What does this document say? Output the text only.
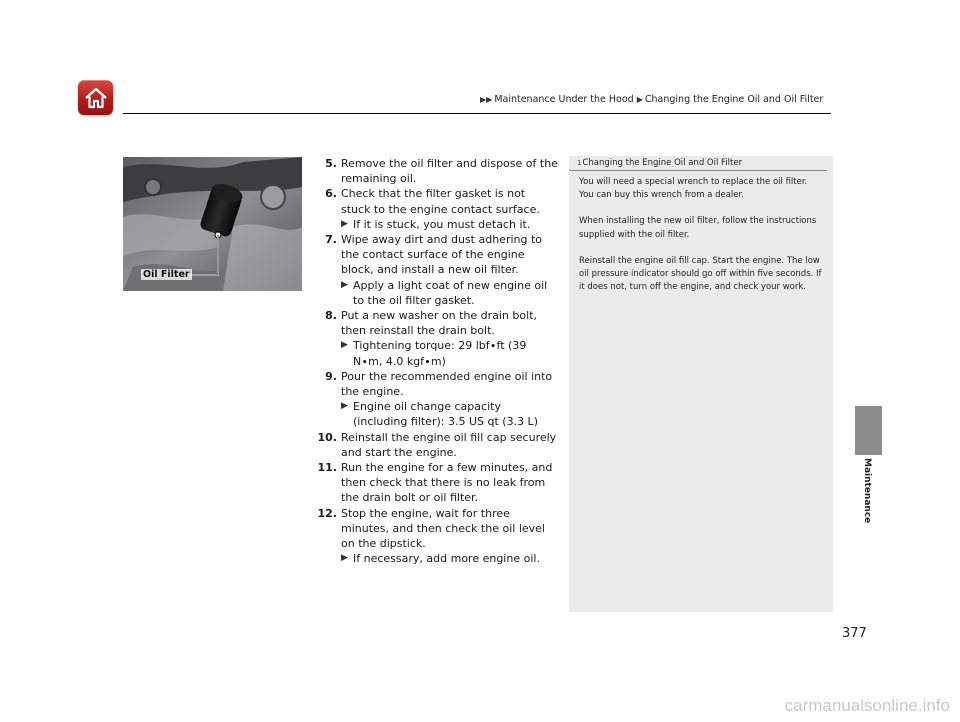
▶▶ Maintenance Under the Hood ▶ Changing the Engine Oil and Oil Filter
Oil Filter
5. Remove the oil filter and dispose of the remaining oil.
6. Check that the filter gasket is not stuck to the engine contact surface.
▶ If it is stuck, you must detach it.
7. Wipe away dirt and dust adhering to the contact surface of the engine block, and install a new oil filter.
▶ Apply a light coat of new engine oil to the oil filter gasket.
8. Put a new washer on the drain bolt, then reinstall the drain bolt.
▶ Tightening torque: 29 lbf∙ft (39 N∙m, 4.0 kgf∙m)
9. Pour the recommended engine oil into the engine.
▶ Engine oil change capacity (including filter): 3.5 US qt (3.3 L)
10. Reinstall the engine oil fill cap securely and start the engine.
11. Run the engine for a few minutes, and then check that there is no leak from the drain bolt or oil filter.
12. Stop the engine, wait for three minutes, and then check the oil level on the dipstick.
▶ If necessary, add more engine oil.
1Changing the Engine Oil and Oil Filter

You will need a special wrench to replace the oil filter. You can buy this wrench from a dealer.

When installing the new oil filter, follow the instructions supplied with the oil filter.

Reinstall the engine oil fill cap. Start the engine. The low oil pressure indicator should go off within five seconds. If it does not, turn off the engine, and check your work.

Maintenance
377
carmanualsonline.info
